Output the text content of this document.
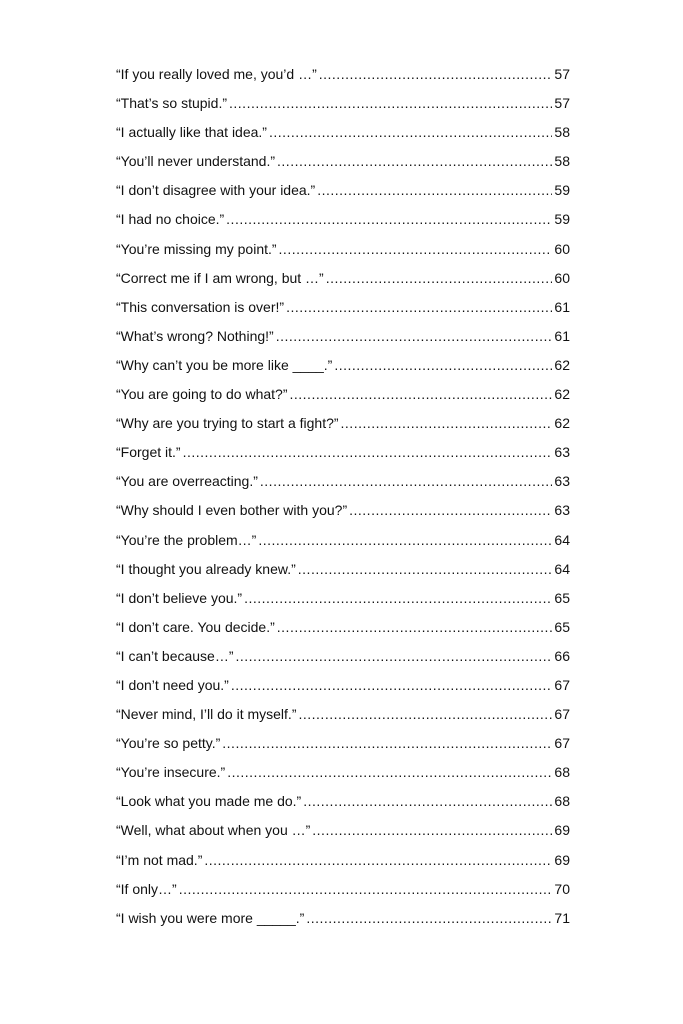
“If you really loved me, you’d …” .....	57
“That’s so stupid.” .....	57
“I actually like that idea.” .....	58
“You’ll never understand.” .....	58
“I don’t disagree with your idea.” .....	59
“I had no choice.” .....	59
“You’re missing my point.” .....	60
“Correct me if I am wrong, but …” .....	60
“This conversation is over!” .....	61
“What’s wrong? Nothing!” .....	61
“Why can’t you be more like ____.” .....	62
“You are going to do what?” .....	62
“Why are you trying to start a fight?” .....	62
“Forget it.” .....	63
“You are overreacting.” .....	63
“Why should I even bother with you?” .....	63
“You’re the problem…” .....	64
“I thought you already knew.” .....	64
“I don’t believe you.” .....	65
“I don’t care. You decide.” .....	65
“I can’t because…” .....	66
“I don’t need you.” .....	67
“Never mind, I’ll do it myself.” .....	67
“You’re so petty.” .....	67
“You’re insecure.” .....	68
“Look what you made me do.” .....	68
“Well, what about when you …” .....	69
“I’m not mad.” .....	69
“If only…” .....	70
“I wish you were more _____.” .....	71
